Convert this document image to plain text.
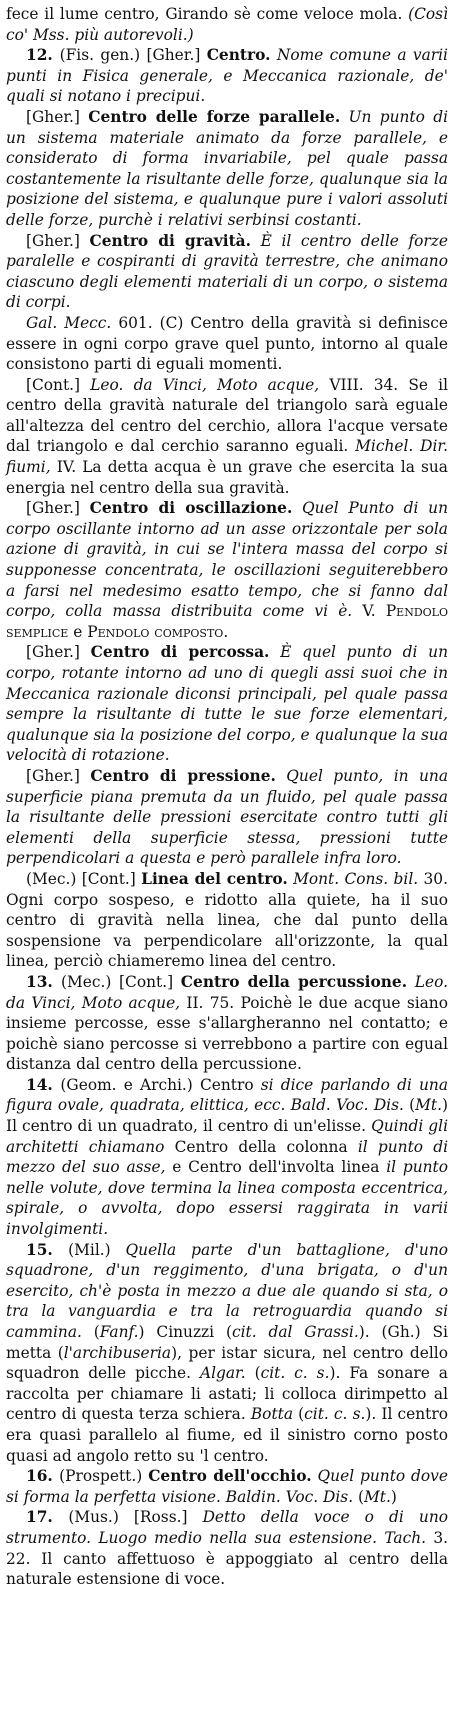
fece il lume centro, Girando sè come veloce mola. (Così co' Mss. più autorevoli.)

12. (Fis. gen.) [Gher.] Centro. Nome comune a varii punti in Fisica generale, e Meccanica razionale, de' quali si notano i precipui.

[Gher.] Centro delle forze parallele. Un punto di un sistema materiale animato da forze parallele, e considerato di forma invariabile, pel quale passa costantemente la risultante delle forze, qualunque sia la posizione del sistema, e qualunque pure i valori assoluti delle forze, purchè i relativi serbinsi costanti.

[Gher.] Centro di gravità. È il centro delle forze paralelle e cospiranti di gravità terrestre, che animano ciascuno degli elementi materiali di un corpo, o sistema di corpi.

Gal. Mecc. 601. (C) Centro della gravità si definisce essere in ogni corpo grave quel punto, intorno al quale consistono parti di eguali momenti.

[Cont.] Leo. da Vinci, Moto acque, VIII. 34. Se il centro della gravità naturale del triangolo sarà eguale all'altezza del centro del cerchio, allora l'acque versate dal triangolo e dal cerchio saranno eguali. Michel. Dir. fiumi, IV. La detta acqua è un grave che esercita la sua energia nel centro della sua gravità.

[Gher.] Centro di oscillazione. Quel Punto di un corpo oscillante intorno ad un asse orizzontale per sola azione di gravità, in cui se l'intera massa del corpo si supponesse concentrata, le oscillazioni seguiterebbero a farsi nel medesimo esatto tempo, che si fanno dal corpo, colla massa distribuita come vi è. V. Pendolo semplice e Pendolo composto.

[Gher.] Centro di percossa. È quel punto di un corpo, rotante intorno ad uno di quegli assi suoi che in Meccanica razionale diconsi principali, pel quale passa sempre la risultante di tutte le sue forze elementari, qualunque sia la posizione del corpo, e qualunque la sua velocità di rotazione.

[Gher.] Centro di pressione. Quel punto, in una superficie piana premuta da un fluido, pel quale passa la risultante delle pressioni esercitate contro tutti gli elementi della superficie stessa, pressioni tutte perpendicolari a questa e però parallele infra loro.

(Mec.) [Cont.] Linea del centro. Mont. Cons. bil. 30. Ogni corpo sospeso, e ridotto alla quiete, ha il suo centro di gravità nella linea, che dal punto della sospensione va perpendicolare all'orizzonte, la qual linea, perciò chiameremo linea del centro.

13. (Mec.) [Cont.] Centro della percussione. Leo. da Vinci, Moto acque, II. 75. Poichè le due acque siano insieme percosse, esse s'allargheranno nel contatto; e poichè siano percosse si verrebbono a partire con egual distanza dal centro della percussione.

14. (Geom. e Archi.) Centro si dice parlando di una figura ovale, quadrata, elittica, ecc. Bald. Voc. Dis. (Mt.) Il centro di un quadrato, il centro di un'elisse. Quindi gli architetti chiamano Centro della colonna il punto di mezzo del suo asse, e Centro dell'involta linea il punto nelle volute, dove termina la linea composta eccentrica, spirale, o avvolta, dopo essersi raggirata in varii involgimenti.

15. (Mil.) Quella parte d'un battaglione, d'uno squadrone, d'un reggimento, d'una brigata, o d'un esercito, ch'è posta in mezzo a due ale quando si sta, o tra la vanguardia e tra la retroguardia quando si cammina. (Fanf.) Cinuzzi (cit. dal Grassi.). (Gh.) Si metta (l'archibuseria), per istar sicura, nel centro dello squadron delle picche. Algar. (cit. c. s.). Fa sonare a raccolta per chiamare li astati; li colloca dirimpetto al centro di questa terza schiera. Botta (cit. c. s.). Il centro era quasi parallelo al fiume, ed il sinistro corno posto quasi ad angolo retto su 'l centro.

16. (Prospett.) Centro dell'occhio. Quel punto dove si forma la perfetta visione. Baldin. Voc. Dis. (Mt.)

17. (Mus.) [Ross.] Detto della voce o di uno strumento. Luogo medio nella sua estensione. Tach. 3. 22. Il canto affettuoso è appoggiato al centro della naturale estensione di voce.
